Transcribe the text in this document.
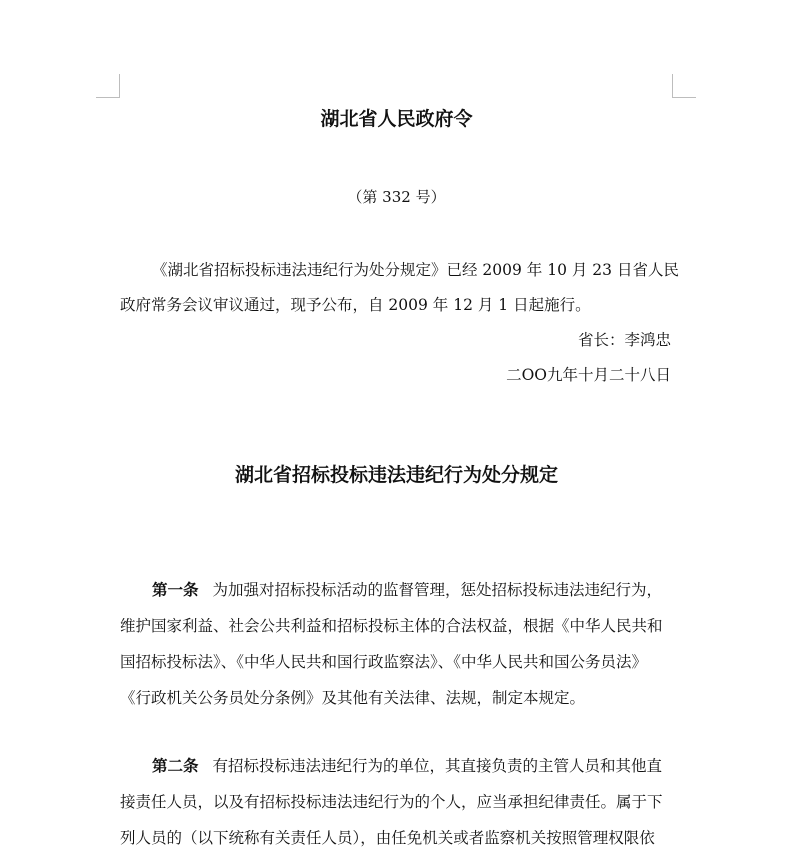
湖北省人民政府令
（第 332 号）
《湖北省招标投标违法违纪行为处分规定》已经 2009 年 10 月 23 日省人民
政府常务会议审议通过，现予公布，自 2009 年 12 月 1 日起施行。
省长：李鸿忠
二OO九年十月二十八日
湖北省招标投标违法违纪行为处分规定
第一条 为加强对招标投标活动的监督管理，惩处招标投标违法违纪行为，
维护国家利益、社会公共利益和招标投标主体的合法权益，根据《中华人民共和
国招标投标法》、《中华人民共和国行政监察法》、《中华人民共和国公务员法》
《行政机关公务员处分条例》及其他有关法律、法规，制定本规定。
第二条 有招标投标违法违纪行为的单位，其直接负责的主管人员和其他直
接责任人员，以及有招标投标违法违纪行为的个人，应当承担纪律责任。属于下
列人员的（以下统称有关责任人员），由任免机关或者监察机关按照管理权限依
